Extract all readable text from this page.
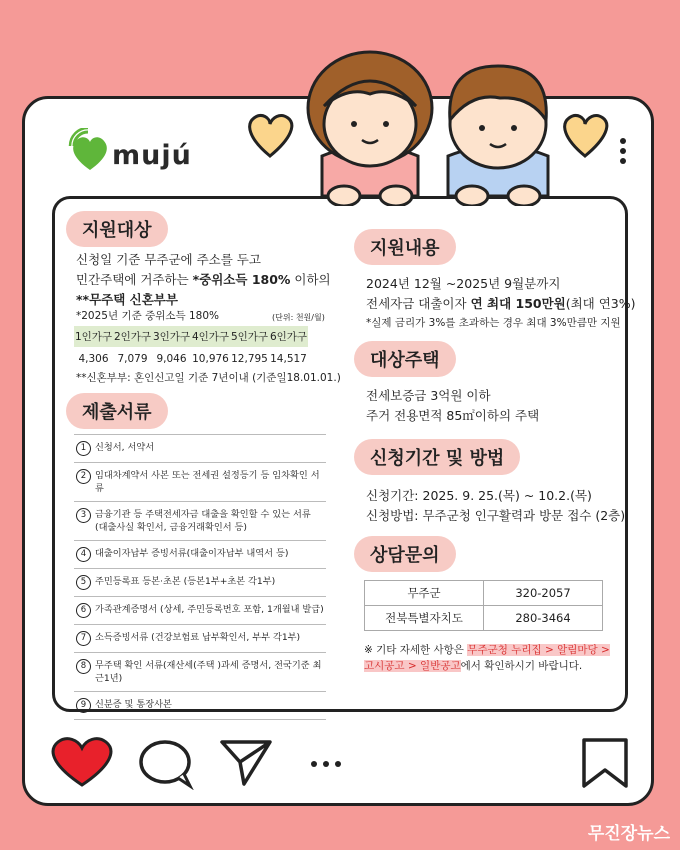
mujú
지원대상
신청일 기준 무주군에 주소를 두고
민간주택에 거주하는 *중위소득 180% 이하의
**무주택 신혼부부
*2025년 기준 중위소득 180%	(단위: 천원/월)
1인가구	2인가구	3인가구	4인가구	5인가구	6인가구
4,306	7,079	9,046	10,976	12,795	14,517
**신혼부부: 혼인신고일 기준 7년이내 (기준일18.01.01.)
제출서류
1 신청서, 서약서
2 임대차계약서 사본 또는 전세권 설정등기 등 임차확인 서류
3 금융기관 등 주택전세자금 대출을 확인할 수 있는 서류
(대출사실 확인서, 금융거래확인서 등)
4 대출이자납부 증빙서류(대출이자납부 내역서 등)
5 주민등록표 등본·초본 (등본1부+초본 각1부)
6 가족관계증명서 (상세, 주민등록번호 포함, 1개월내 발급)
7 소득증빙서류 (건강보험료 납부확인서, 부부 각1부)
8 무주택 확인 서류(재산세(주택 )과세 증명서, 전국기준 최근1년)
9 신분증 및 통장사본
지원내용
2024년 12월 ~2025년 9월분까지
전세자금 대출이자 연 최대 150만원(최대 연3%)
*실제 금리가 3%를 초과하는 경우 최대 3%만큼만 지원
대상주택
전세보증금 3억원 이하
주거 전용면적 85㎡이하의 주택
신청기간 및 방법
신청기간: 2025. 9. 25.(목) ~ 10.2.(목)
신청방법: 무주군청 인구활력과 방문 접수 (2층)
상담문의
무주군	320-2057
전북특별자치도	280-3464
※ 기타 자세한 사항은 무주군청 누리집 > 알림마당 >
고시공고 > 일반공고에서 확인하시기 바랍니다.
무진장뉴스
